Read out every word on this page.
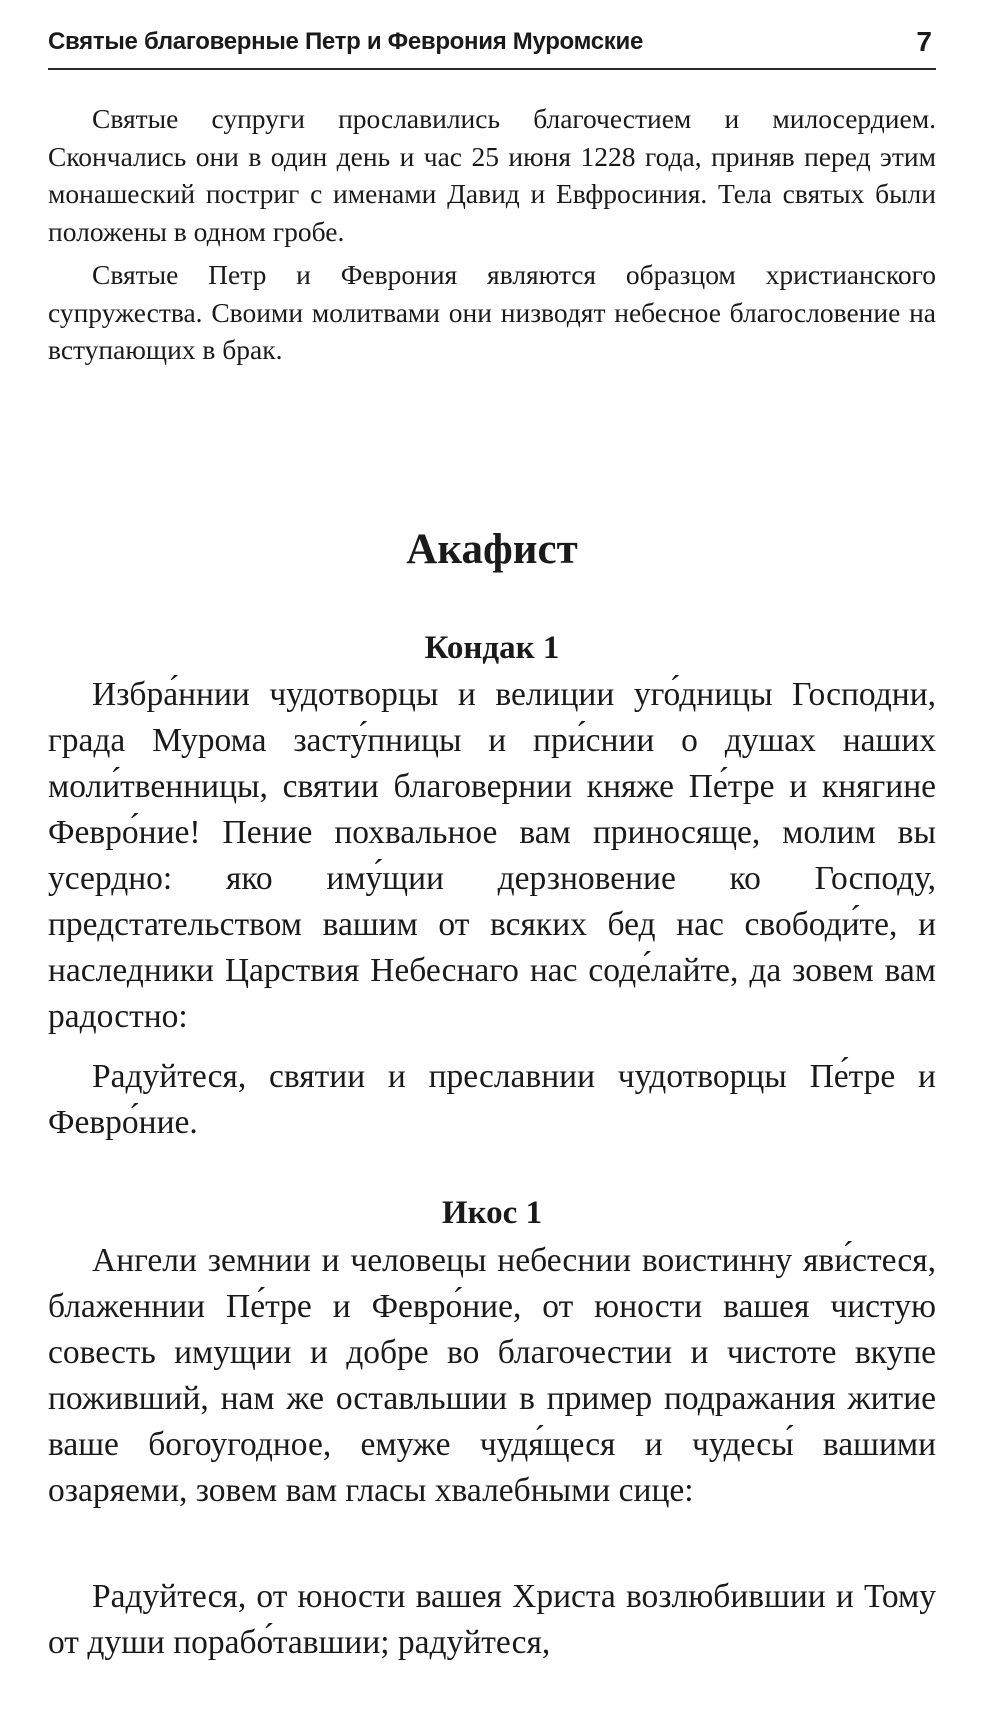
Святые благоверные Петр и Феврония Муромские	7

Святые супруги прославились благочестием и милосердием. Скончались они в один день и час 25 июня 1228 года, приняв перед этим монашеский постриг с именами Давид и Евфросиния. Тела святых были положены в одном гробе.

Святые Петр и Феврония являются образцом христианского супружества. Своими молитвами они низводят небесное благословение на вступающих в брак.

Акафист
Кондак 1

Избра́ннии чудотворцы и велиции уго́дницы Господни, града Мурома засту́пницы и при́снии о душах наших моли́твенницы, святии благовернии княже Пе́тре и княгине Февро́ние! Пение похвальное вам приносяще, молим вы усердно: яко иму́щии дерзновение ко Господу, предстательством вашим от всяких бед нас свободи́те, и наследники Царствия Небеснаго нас соде́лайте, да зовем вам радостно:

Радуйтеся, святии и преславнии чудотворцы Пе́тре и Февро́ние.

Икос 1

Ангели земнии и человецы небеснии воистинну яви́стеся, блаженнии Пе́тре и Февро́ние, от юности вашея чистую совесть имущии и добре во благочестии и чистоте вкупе поживший, нам же оставльшии в пример подражания житие ваше богоугодное, емуже чудя́щеся и чудесы́ вашими озаряеми, зовем вам гласы хвалебными сице:

Радуйтеся, от юности вашея Христа возлюбившии и Тому от души порабо́тавшии; радуйтеся,
